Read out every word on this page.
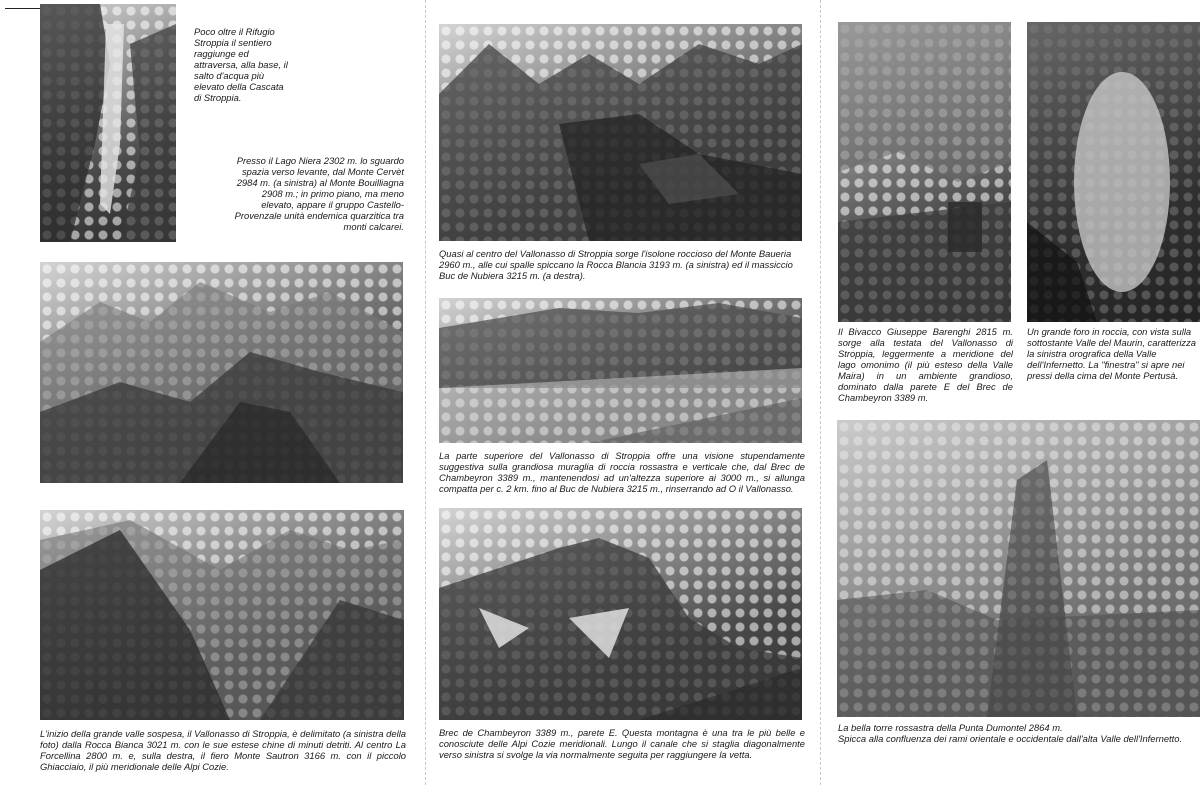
Poco oltre il Rifugio Stroppia il sentiero raggiunge ed attraversa, alla base, il salto d'acqua più elevato della Cascata di Stroppia.

Presso il Lago Niera 2302 m. lo sguardo spazia verso levante, dal Monte Cervèt 2984 m. (a sinistra) al Monte Bouilliagna 2908 m.; in primo piano, ma meno elevato, appare il gruppo Castello-Provenzale unità endemica quarzitica tra monti calcarei.

L'inizio della grande valle sospesa, il Vallonasso di Stroppia, è delimitato (a sinistra della foto) dalla Rocca Bianca 3021 m. con le sue estese chine di minuti detriti. Al centro La Forcellina 2800 m. e, sulla destra, il fiero Monte Sautron 3166 m. con il piccolo Ghiacciaio, il più meridionale delle Alpi Cozie.

Quasi al centro del Vallonasso di Stroppia sorge l'isolone roccioso del Monte Baueria 2960 m., alle cui spalle spiccano la Rocca Blancia 3193 m. (a sinistra) ed il massiccio Buc de Nubiera 3215 m. (a destra).

La parte superiore del Vallonasso di Stroppia offre una visione stupendamente suggestiva sulla grandiosa muraglia di roccia rossastra e verticale che, dal Brec de Chambeyron 3389 m., mantenendosi ad un'altezza superiore ai 3000 m., si allunga compatta per c. 2 km. fino al Buc de Nubiera 3215 m., rinserrando ad O il Vallonasso.

Brec de Chambeyron 3389 m., parete E. Questa montagna è una tra le più belle e conosciute delle Alpi Cozie meridionali. Lungo il canale che si staglia diagonalmente verso sinistra si svolge la via normalmente seguita per raggiungere la vetta.

Il Bivacco Giuseppe Barenghi 2815 m. sorge alla testata del Vallonasso di Stroppia, leggermente a meridione del lago omonimo (il più esteso della Valle Maira) in un ambiente grandioso, dominato dalla parete E del Brec de Chambeyron 3389 m.

Un grande foro in roccia, con vista sulla sottostante Valle del Maurin, caratterizza la sinistra orografica della Valle dell'Infernetto. La "finestra" si apre nei pressi della cima del Monte Pertusà.

La bella torre rossastra della Punta Dumontel 2864 m.

Spicca alla confluenza dei rami orientale e occidentale dall'alta Valle dell'Infernetto.
